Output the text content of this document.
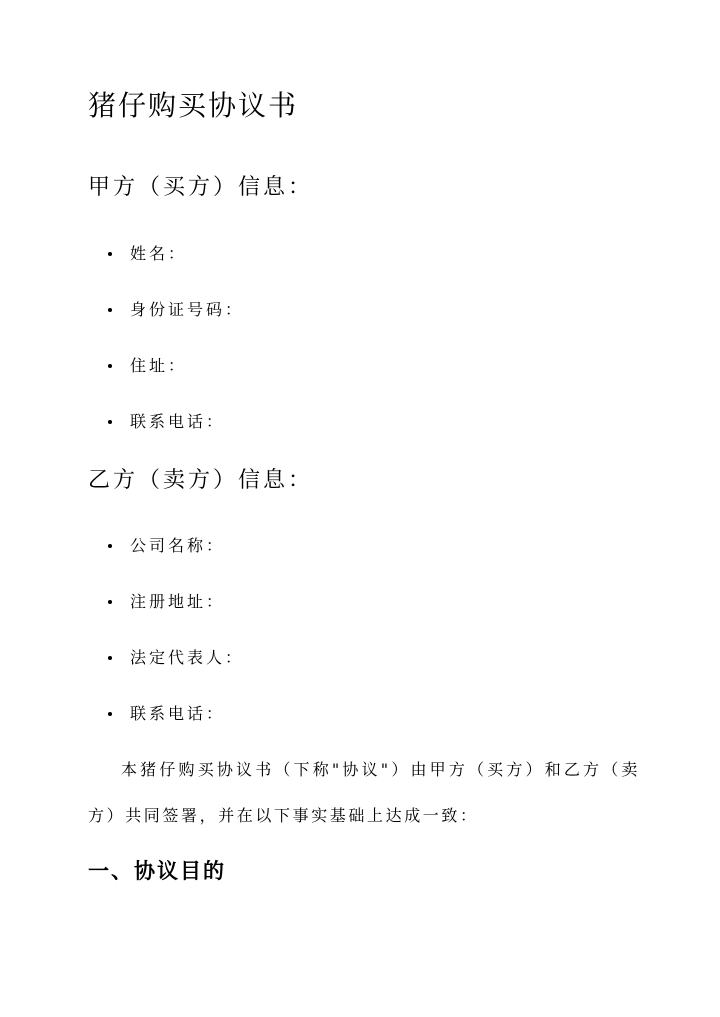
猪仔购买协议书
甲方（买方）信息：
姓名：
身份证号码：
住址：
联系电话：
乙方（卖方）信息：
公司名称：
注册地址：
法定代表人：
联系电话：

本猪仔购买协议书（下称"协议"）由甲方（买方）和乙方（卖方）共同签署，并在以下事实基础上达成一致：

一、协议目的
